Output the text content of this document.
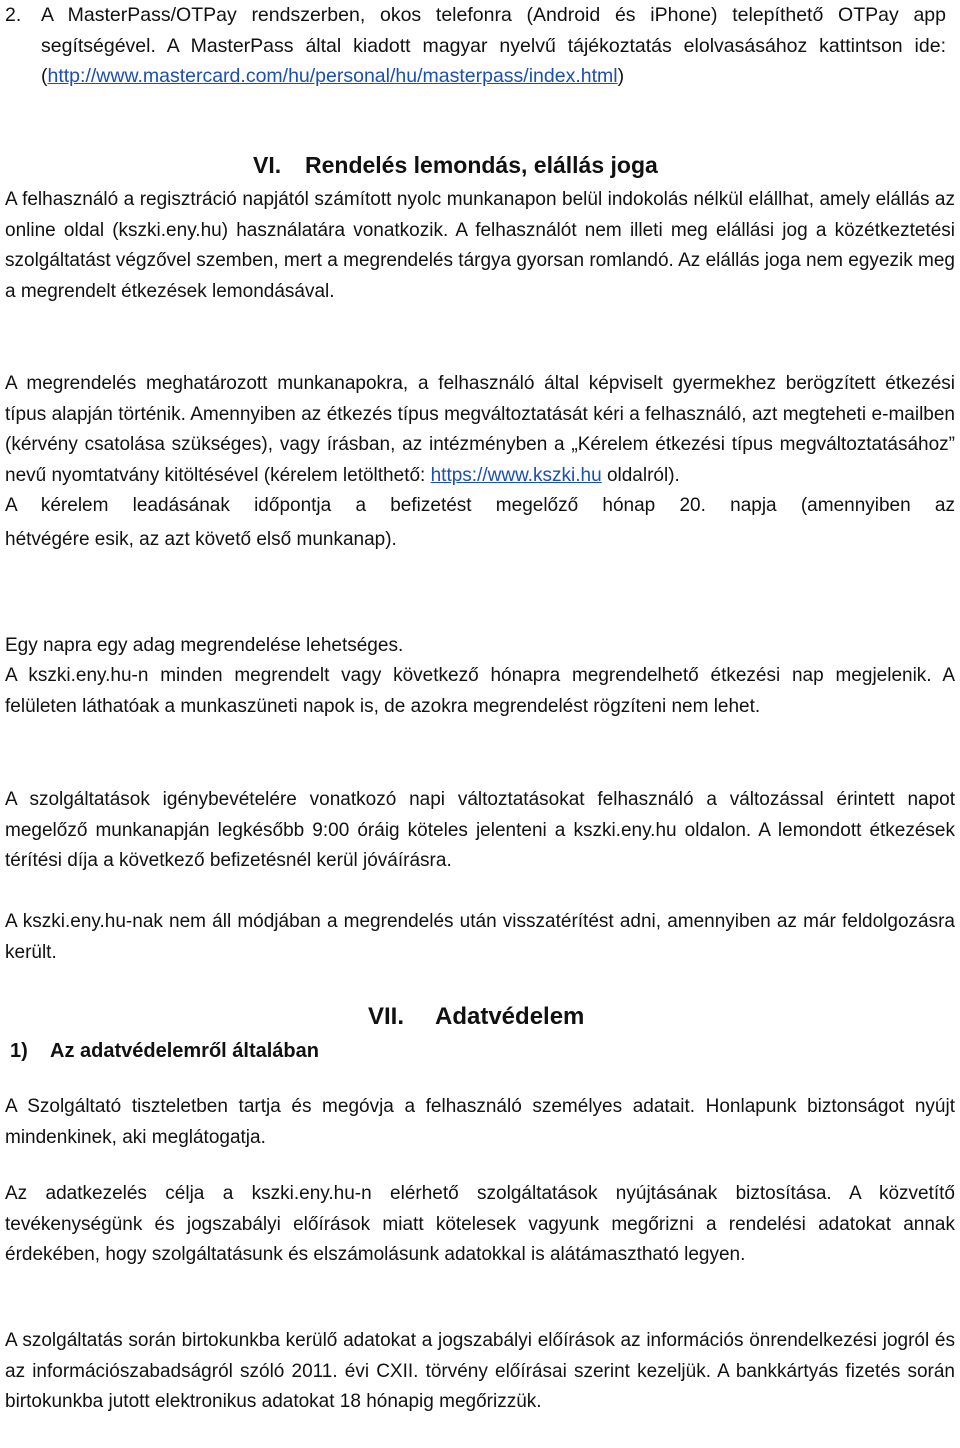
2. A MasterPass/OTPay rendszerben, okos telefonra (Android és iPhone) telepíthető OTPay app segítségével. A MasterPass által kiadott magyar nyelvű tájékoztatás elolvasásához kattintson ide: (http://www.mastercard.com/hu/personal/hu/masterpass/index.html)
VI. Rendelés lemondás, elállás joga

A felhasználó a regisztráció napjától számított nyolc munkanapon belül indokolás nélkül elállhat, amely elállás az online oldal (kszki.eny.hu) használatára vonatkozik. A felhasználót nem illeti meg elállási jog a közétkeztetési szolgáltatást végzővel szemben, mert a megrendelés tárgya gyorsan romlandó. Az elállás joga nem egyezik meg a megrendelt étkezések lemondásával.

A megrendelés meghatározott munkanapokra, a felhasználó által képviselt gyermekhez berögzített étkezési típus alapján történik. Amennyiben az étkezés típus megváltoztatását kéri a felhasználó, azt megteheti e-mailben (kérvény csatolása szükséges), vagy írásban, az intézményben a „Kérelem étkezési típus megváltoztatásához” nevű nyomtatvány kitöltésével (kérelem letölthető: https://www.kszki.hu oldalról).
A kérelem leadásának időpontja a befizetést megelőző hónap 20. napja (amennyiben az
hétvégére esik, az azt követő első munkanap).

Egy napra egy adag megrendelése lehetséges.

A kszki.eny.hu-n minden megrendelt vagy következő hónapra megrendelhető étkezési nap megjelenik. A felületen láthatóak a munkaszüneti napok is, de azokra megrendelést rögzíteni nem lehet.

A szolgáltatások igénybevételére vonatkozó napi változtatásokat felhasználó a változással érintett napot megelőző munkanapján legkésőbb 9:00 óráig köteles jelenteni a kszki.eny.hu oldalon. A lemondott étkezések térítési díja a következő befizetésnél kerül jóváírásra.

A kszki.eny.hu-nak nem áll módjában a megrendelés után visszatérítést adni, amennyiben az már feldolgozásra került.

VII. Adatvédelem
1) Az adatvédelemről általában

A Szolgáltató tiszteletben tartja és megóvja a felhasználó személyes adatait. Honlapunk biztonságot nyújt mindenkinek, aki meglátogatja.

Az adatkezelés célja a kszki.eny.hu-n elérhető szolgáltatások nyújtásának biztosítása. A közvetítő tevékenységünk és jogszabályi előírások miatt kötelesek vagyunk megőrizni a rendelési adatokat annak érdekében, hogy szolgáltatásunk és elszámolásunk adatokkal is alátámasztható legyen.

A szolgáltatás során birtokunkba kerülő adatokat a jogszabályi előírások az információs önrendelkezési jogról és az információszabadságról szóló 2011. évi CXII. törvény előírásai szerint kezeljük. A bankkártyás fizetés során birtokunkba jutott elektronikus adatokat 18 hónapig megőrizzük.
